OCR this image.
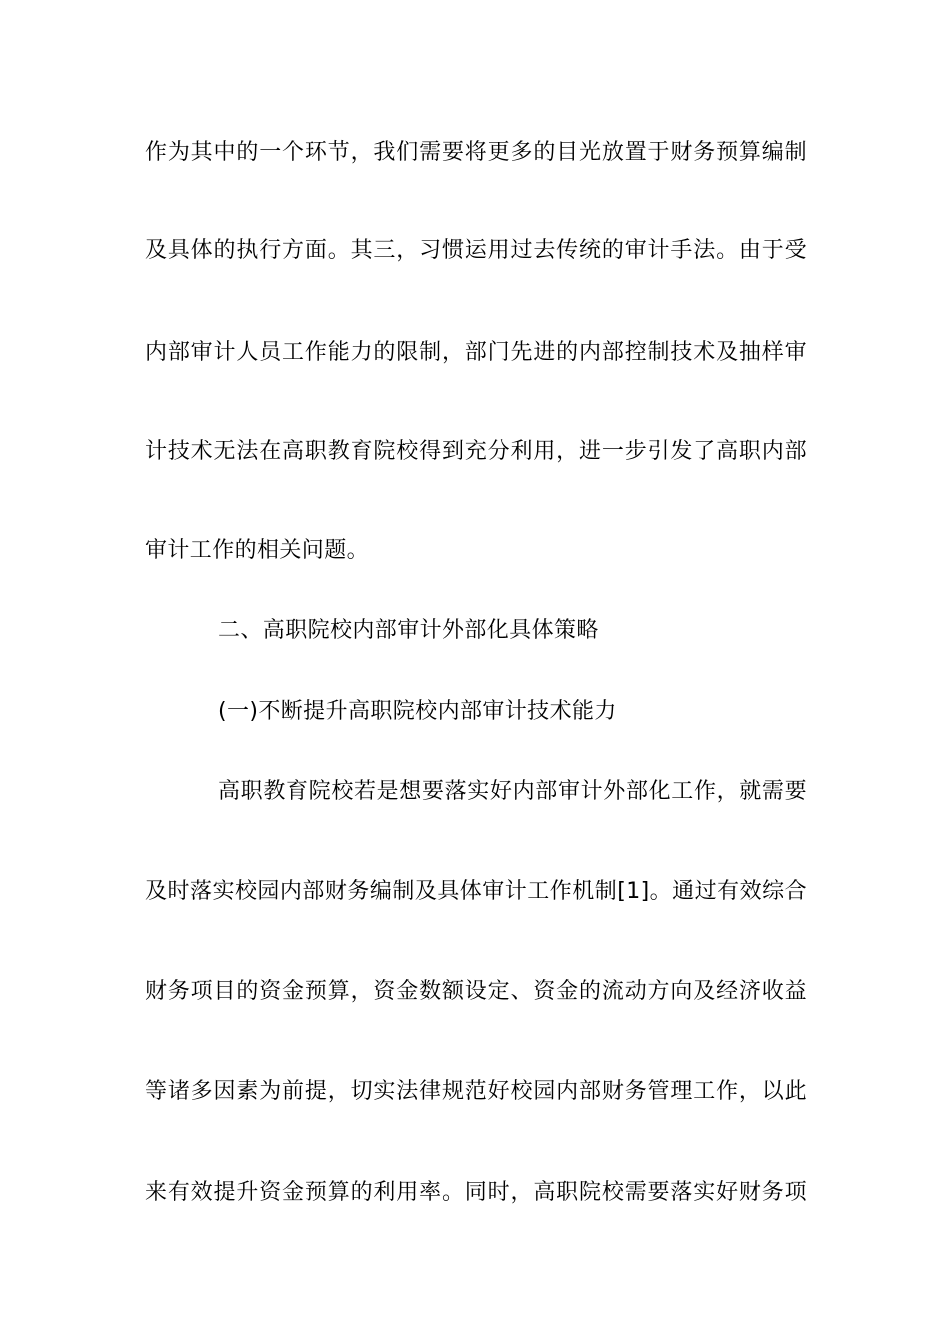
作为其中的一个环节，我们需要将更多的目光放置于财务预算编制
及具体的执行方面。其三，习惯运用过去传统的审计手法。由于受
内部审计人员工作能力的限制，部门先进的内部控制技术及抽样审
计技术无法在高职教育院校得到充分利用，进一步引发了高职内部
审计工作的相关问题。
二、高职院校内部审计外部化具体策略
(一)不断提升高职院校内部审计技术能力
高职教育院校若是想要落实好内部审计外部化工作，就需要
及时落实校园内部财务编制及具体审计工作机制[1]。通过有效综合
财务项目的资金预算，资金数额设定、资金的流动方向及经济收益
等诸多因素为前提，切实法律规范好校园内部财务管理工作，以此
来有效提升资金预算的利用率。同时，高职院校需要落实好财务项
